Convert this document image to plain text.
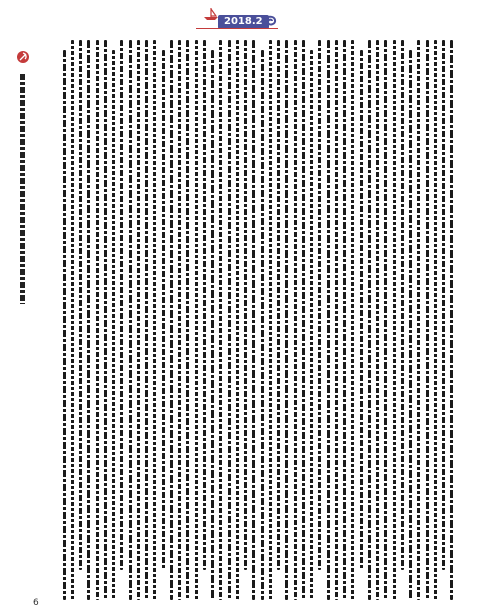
2018.2
6
